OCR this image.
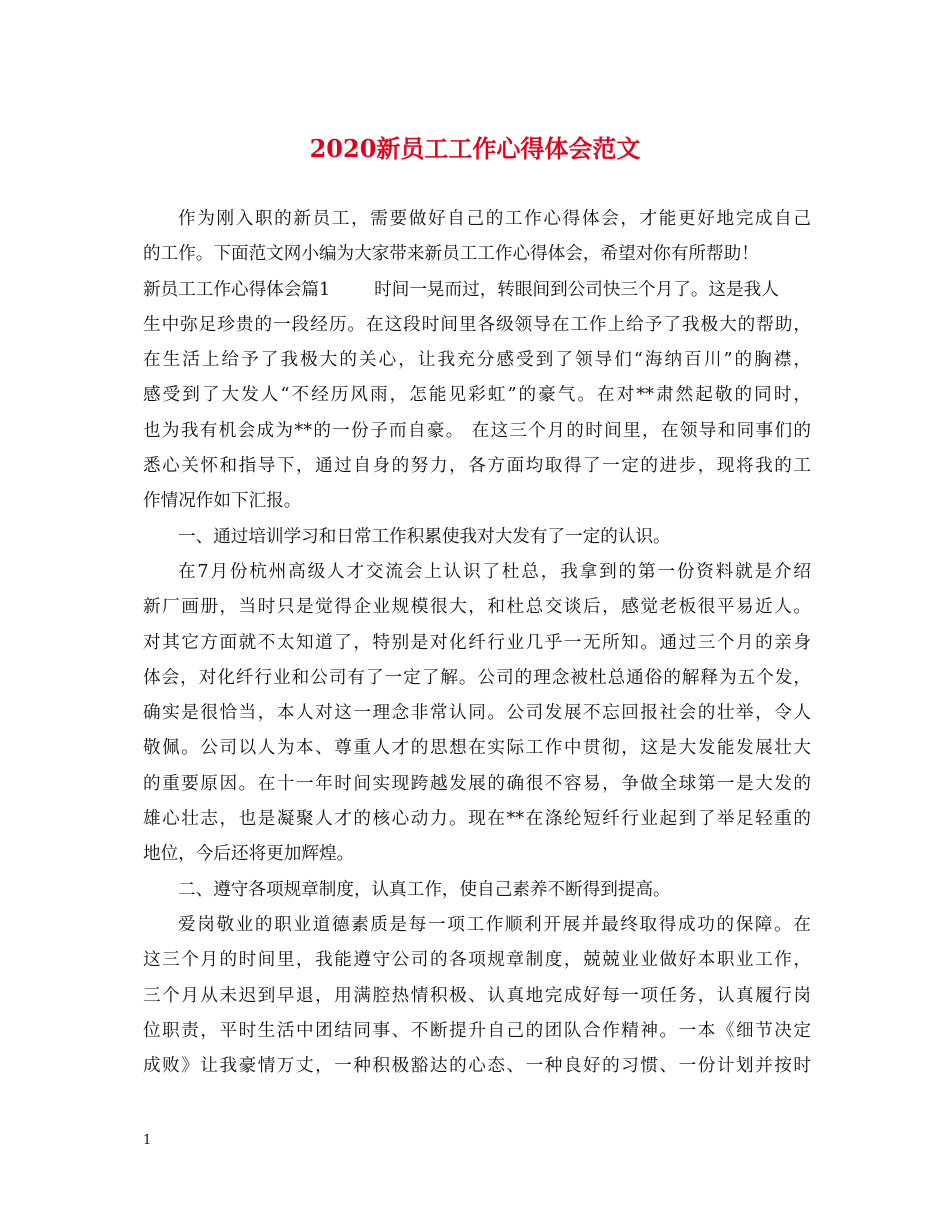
2020新员工工作心得体会范文
作为刚入职的新员工，需要做好自己的工作心得体会，才能更好地完成自己
的工作。下面范文网小编为大家带来新员工工作心得体会，希望对你有所帮助！
新员工工作心得体会篇1	时间一晃而过，转眼间到公司快三个月了。这是我人
生中弥足珍贵的一段经历。在这段时间里各级领导在工作上给予了我极大的帮助，
在生活上给予了我极大的关心，让我充分感受到了领导们“海纳百川”的胸襟，
感受到了大发人“不经历风雨，怎能见彩虹”的豪气。在对**肃然起敬的同时，
也为我有机会成为**的一份子而自豪。 在这三个月的时间里，在领导和同事们的
悉心关怀和指导下，通过自身的努力，各方面均取得了一定的进步，现将我的工
作情况作如下汇报。
一、通过培训学习和日常工作积累使我对大发有了一定的认识。
在7月份杭州高级人才交流会上认识了杜总，我拿到的第一份资料就是介绍
新厂画册，当时只是觉得企业规模很大，和杜总交谈后，感觉老板很平易近人。
对其它方面就不太知道了，特别是对化纤行业几乎一无所知。通过三个月的亲身
体会，对化纤行业和公司有了一定了解。公司的理念被杜总通俗的解释为五个发，
确实是很恰当，本人对这一理念非常认同。公司发展不忘回报社会的壮举，令人
敬佩。公司以人为本、尊重人才的思想在实际工作中贯彻，这是大发能发展壮大
的重要原因。在十一年时间实现跨越发展的确很不容易，争做全球第一是大发的
雄心壮志，也是凝聚人才的核心动力。现在**在涤纶短纤行业起到了举足轻重的
地位，今后还将更加辉煌。
二、遵守各项规章制度，认真工作，使自己素养不断得到提高。
爱岗敬业的职业道德素质是每一项工作顺利开展并最终取得成功的保障。在
这三个月的时间里，我能遵守公司的各项规章制度，兢兢业业做好本职业工作，
三个月从未迟到早退，用满腔热情积极、认真地完成好每一项任务，认真履行岗
位职责，平时生活中团结同事、不断提升自己的团队合作精神。一本《细节决定
成败》让我豪情万丈，一种积极豁达的心态、一种良好的习惯、一份计划并按时
1
